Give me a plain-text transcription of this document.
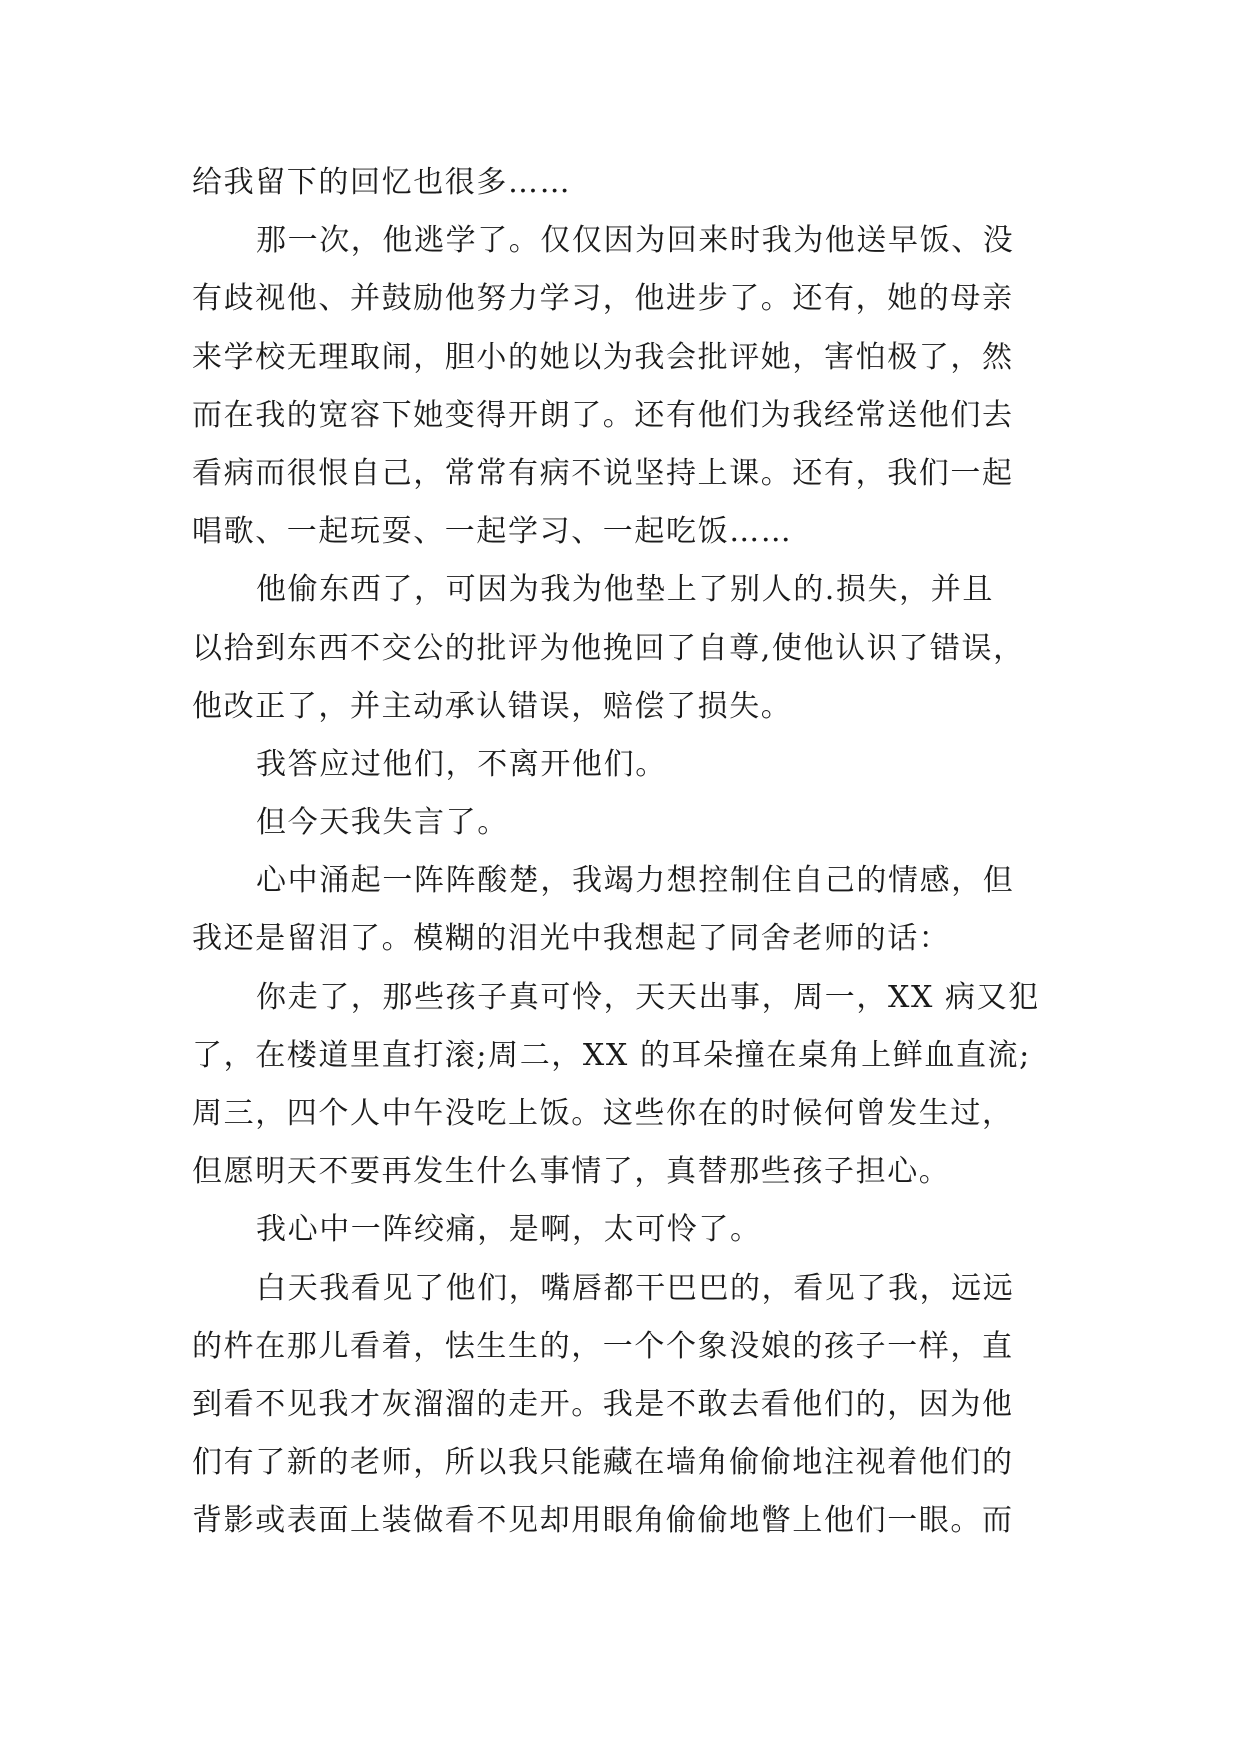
给我留下的回忆也很多……
那一次，他逃学了。仅仅因为回来时我为他送早饭、没
有歧视他、并鼓励他努力学习，他进步了。还有，她的母亲
来学校无理取闹，胆小的她以为我会批评她，害怕极了，然
而在我的宽容下她变得开朗了。还有他们为我经常送他们去
看病而很恨自己，常常有病不说坚持上课。还有，我们一起
唱歌、一起玩耍、一起学习、一起吃饭……
他偷东西了，可因为我为他垫上了别人的.损失，并且
以拾到东西不交公的批评为他挽回了自尊,使他认识了错误，
他改正了，并主动承认错误，赔偿了损失。
我答应过他们，不离开他们。
但今天我失言了。
心中涌起一阵阵酸楚，我竭力想控制住自己的情感，但
我还是留泪了。模糊的泪光中我想起了同舍老师的话：
你走了，那些孩子真可怜，天天出事，周一，XX 病又犯
了，在楼道里直打滚;周二，XX 的耳朵撞在桌角上鲜血直流;
周三，四个人中午没吃上饭。这些你在的时候何曾发生过，
但愿明天不要再发生什么事情了，真替那些孩子担心。
我心中一阵绞痛，是啊，太可怜了。
白天我看见了他们，嘴唇都干巴巴的，看见了我，远远
的杵在那儿看着，怯生生的，一个个象没娘的孩子一样，直
到看不见我才灰溜溜的走开。我是不敢去看他们的，因为他
们有了新的老师，所以我只能藏在墙角偷偷地注视着他们的
背影或表面上装做看不见却用眼角偷偷地瞥上他们一眼。而
